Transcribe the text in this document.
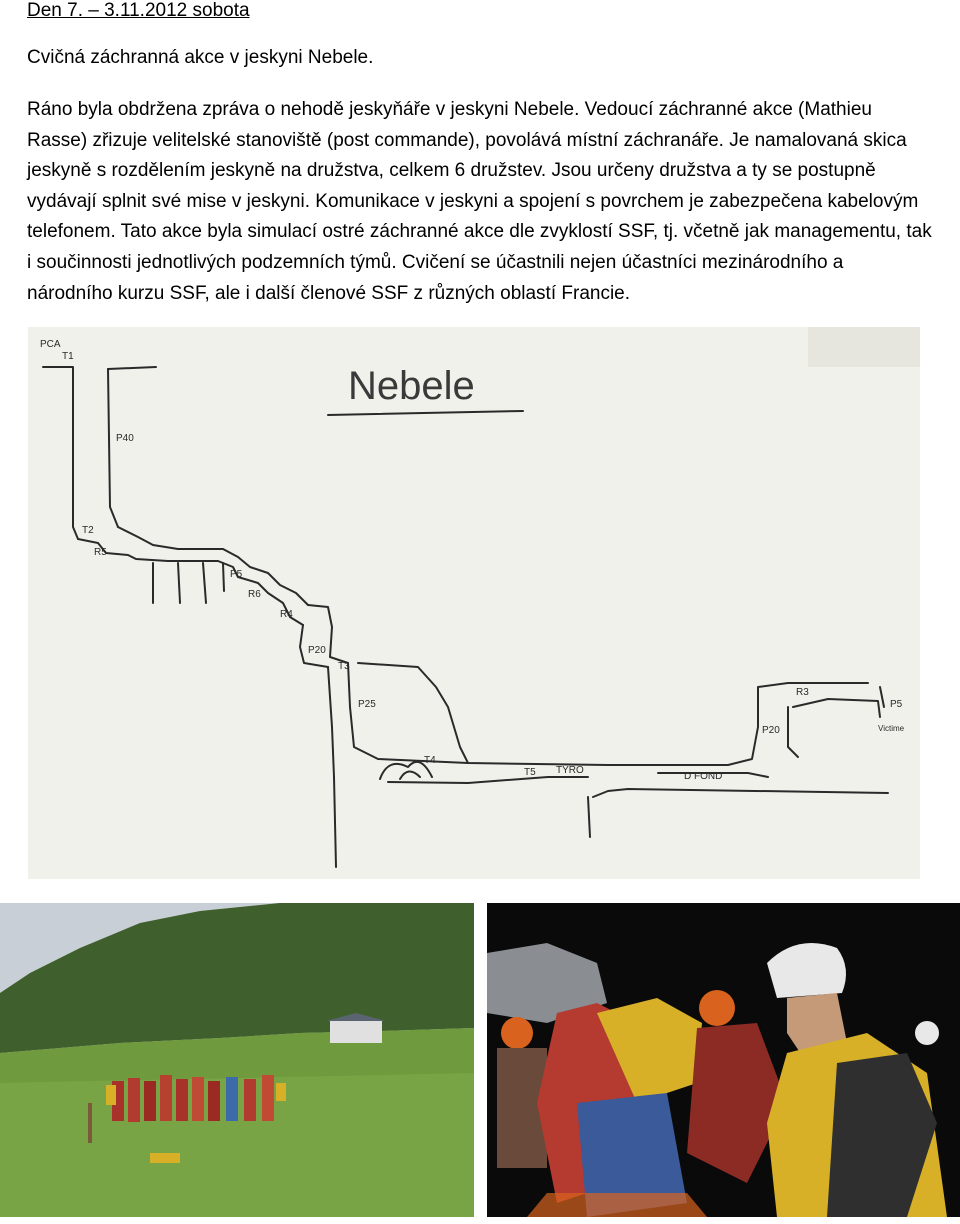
Den 7. – 3.11.2012 sobota
Cvičná záchranná akce v jeskyni Nebele.

Ráno byla obdržena zpráva o nehodě jeskyňáře v jeskyni Nebele. Vedoucí záchranné akce (Mathieu Rasse) zřizuje velitelské stanoviště (post commande), povolává místní záchranáře. Je namalovaná skica jeskyně s rozdělením jeskyně na družstva, celkem 6 družstev. Jsou určeny družstva a ty se postupně vydávají splnit své mise v jeskyni. Komunikace v jeskyni a spojení s povrchem je zabezpečena kabelovým telefonem. Tato akce byla simulací ostré záchranné akce dle zvyklostí SSF, tj. včetně jak managementu, tak i součinnosti jednotlivých podzemních týmů. Cvičení se účastnili nejen účastníci mezinárodního a národního kurzu SSF, ale i další členové SSF z různých oblastí Francie.

Nebele
PCA
T1
P40
T2
R5
P5
R6
R4
P20
T3
P25
T4
T5 TYRO
D FOND
P20
R3
P5
Victime
